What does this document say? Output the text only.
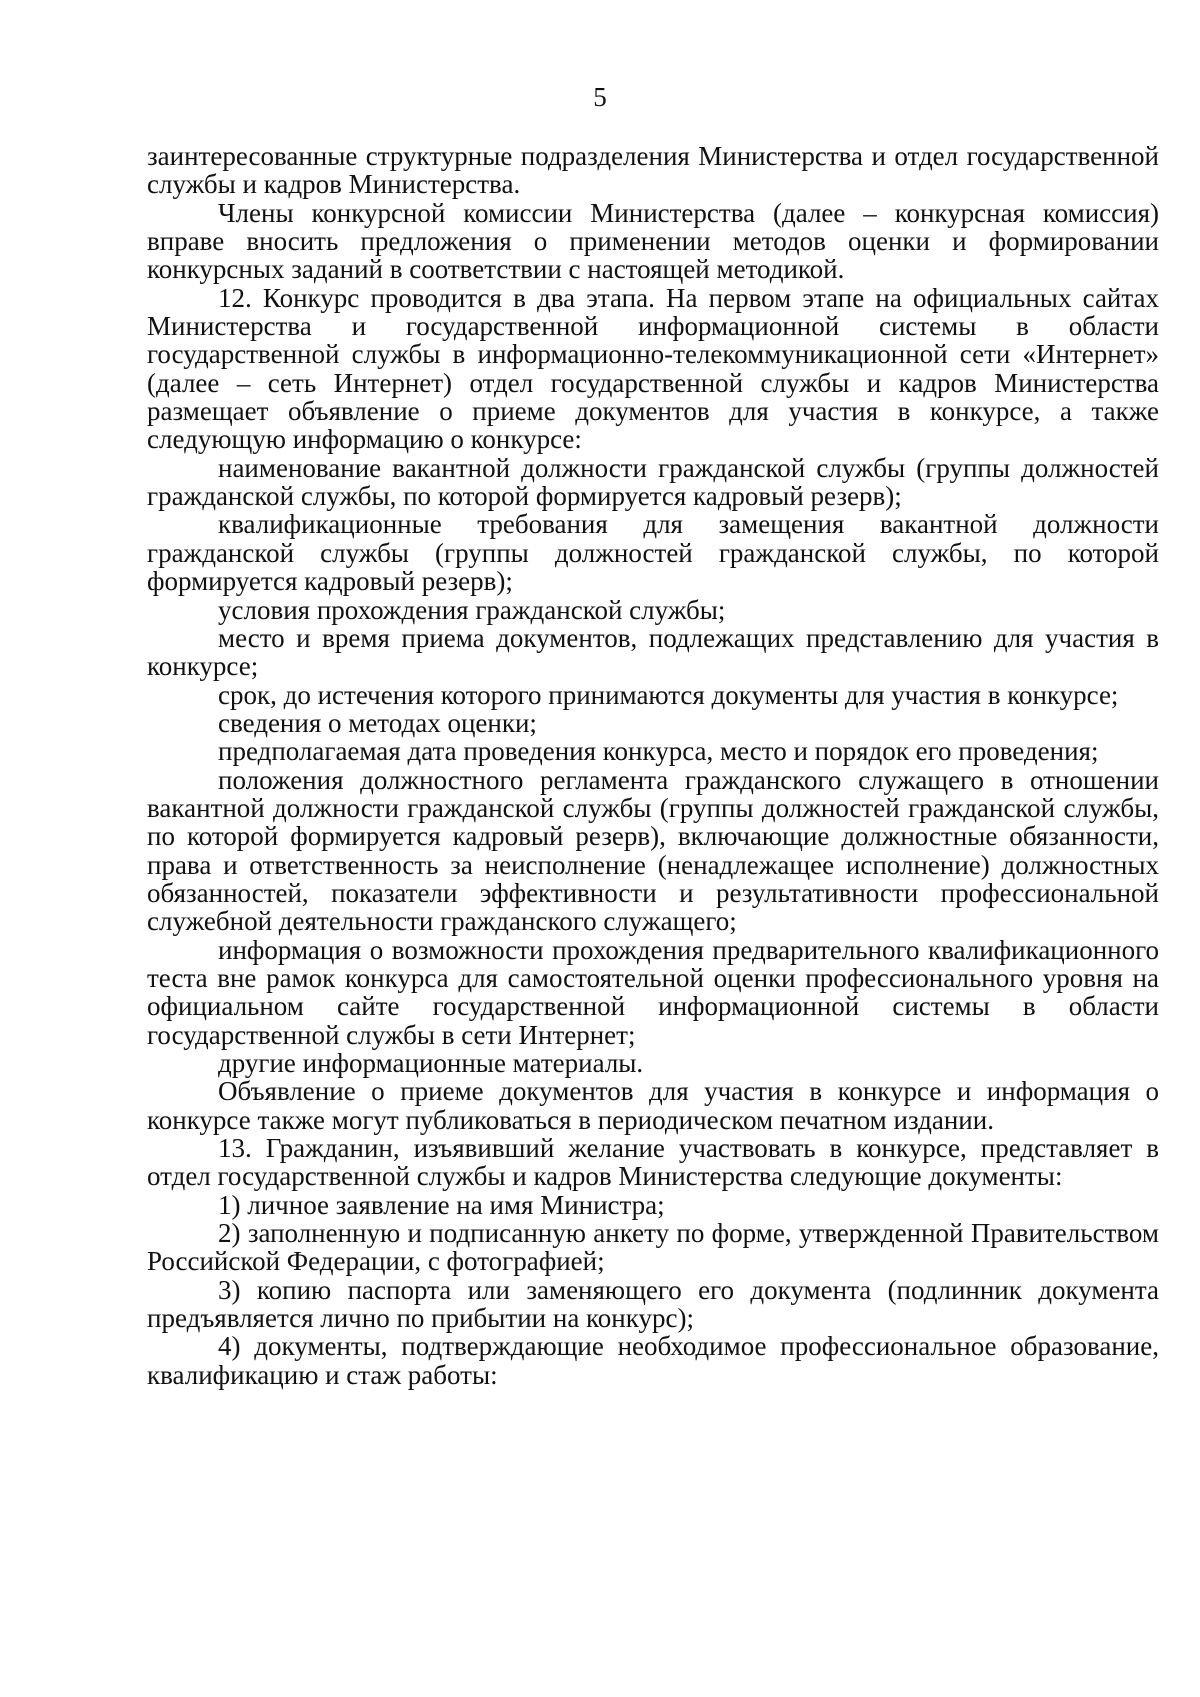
5

заинтересованные структурные подразделения Министерства и отдел государственной службы и кадров Министерства.

Члены конкурсной комиссии Министерства (далее – конкурсная комиссия) вправе вносить предложения о применении методов оценки и формировании конкурсных заданий в соответствии с настоящей методикой.

12. Конкурс проводится в два этапа. На первом этапе на официальных сайтах Министерства и государственной информационной системы в области государственной службы в информационно-телекоммуникационной сети «Интернет» (далее – сеть Интернет) отдел государственной службы и кадров Министерства размещает объявление о приеме документов для участия в конкурсе, а также следующую информацию о конкурсе:

наименование вакантной должности гражданской службы (группы должностей гражданской службы, по которой формируется кадровый резерв);

квалификационные требования для замещения вакантной должности гражданской службы (группы должностей гражданской службы, по которой формируется кадровый резерв);

условия прохождения гражданской службы;

место и время приема документов, подлежащих представлению для участия в конкурсе;

срок, до истечения которого принимаются документы для участия в конкурсе;

сведения о методах оценки;

предполагаемая дата проведения конкурса, место и порядок его проведения;

положения должностного регламента гражданского служащего в отношении вакантной должности гражданской службы (группы должностей гражданской службы, по которой формируется кадровый резерв), включающие должностные обязанности, права и ответственность за неисполнение (ненадлежащее исполнение) должностных обязанностей, показатели эффективности и результативности профессиональной служебной деятельности гражданского служащего;

информация о возможности прохождения предварительного квалификационного теста вне рамок конкурса для самостоятельной оценки профессионального уровня на официальном сайте государственной информационной системы в области государственной службы в сети Интернет;

другие информационные материалы.

Объявление о приеме документов для участия в конкурсе и информация о конкурсе также могут публиковаться в периодическом печатном издании.

13. Гражданин, изъявивший желание участвовать в конкурсе, представляет в отдел государственной службы и кадров Министерства следующие документы:

1) личное заявление на имя Министра;

2) заполненную и подписанную анкету по форме, утвержденной Правительством Российской Федерации, с фотографией;

3) копию паспорта или заменяющего его документа (подлинник документа предъявляется лично по прибытии на конкурс);

4) документы, подтверждающие необходимое профессиональное образование, квалификацию и стаж работы:
